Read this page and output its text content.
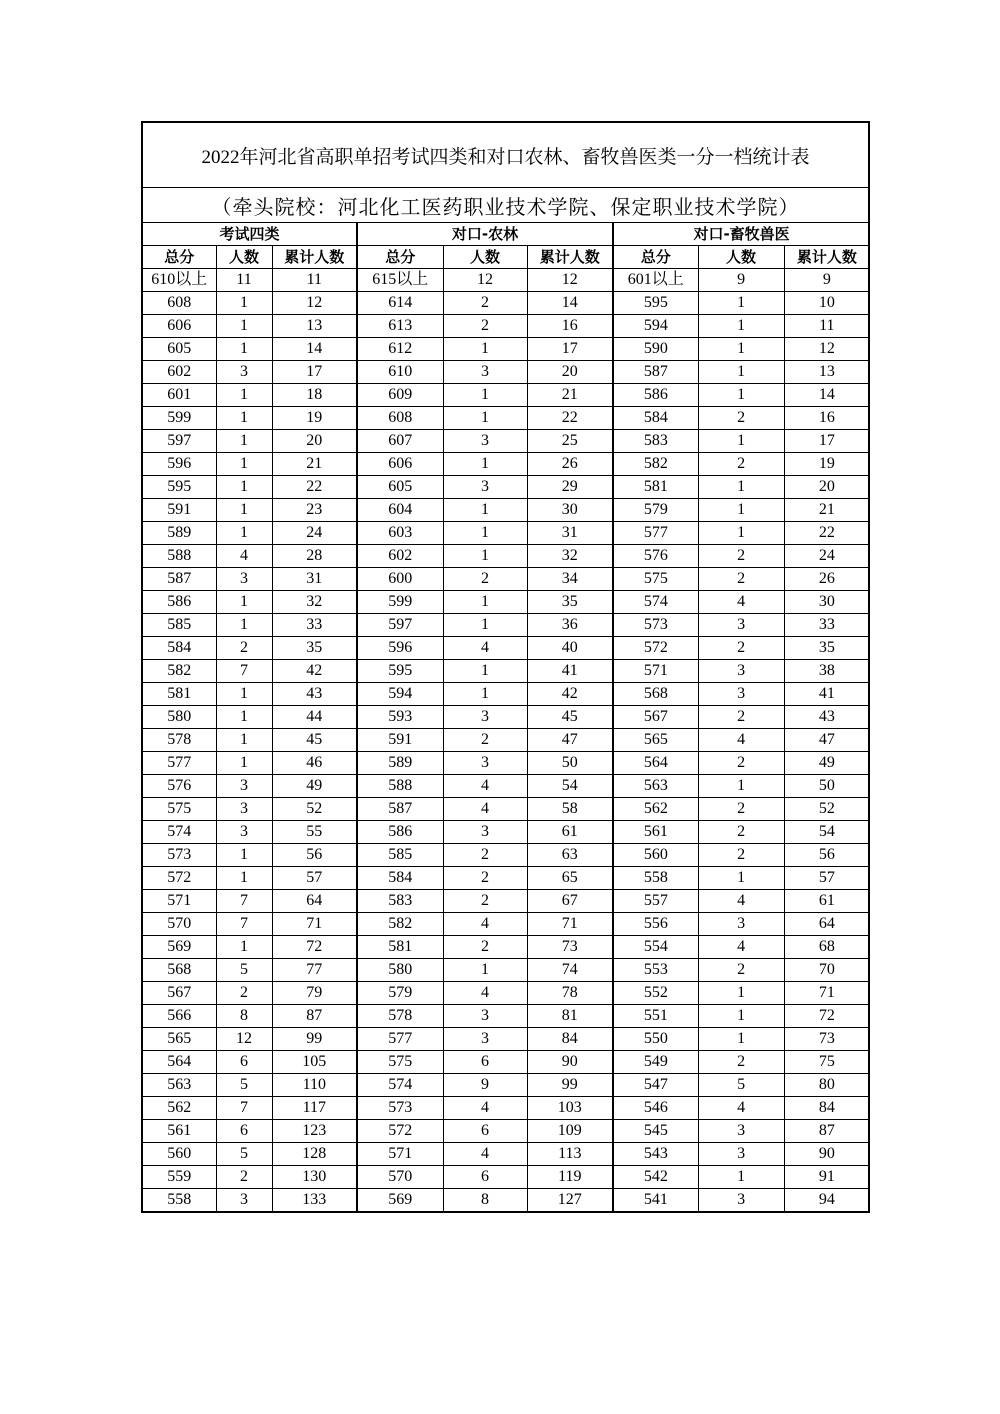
2022年河北省高职单招考试四类和对口农林、畜牧兽医类一分一档统计表
（牵头院校：河北化工医药职业技术学院、保定职业技术学院）
考试四类			对口-农林			对口-畜牧兽医		
总分	人数	累计人数	总分	人数	累计人数	总分	人数	累计人数
610以上	11	11	615以上	12	12	601以上	9	9
608	1	12	614	2	14	595	1	10
606	1	13	613	2	16	594	1	11
605	1	14	612	1	17	590	1	12
602	3	17	610	3	20	587	1	13
601	1	18	609	1	21	586	1	14
599	1	19	608	1	22	584	2	16
597	1	20	607	3	25	583	1	17
596	1	21	606	1	26	582	2	19
595	1	22	605	3	29	581	1	20
591	1	23	604	1	30	579	1	21
589	1	24	603	1	31	577	1	22
588	4	28	602	1	32	576	2	24
587	3	31	600	2	34	575	2	26
586	1	32	599	1	35	574	4	30
585	1	33	597	1	36	573	3	33
584	2	35	596	4	40	572	2	35
582	7	42	595	1	41	571	3	38
581	1	43	594	1	42	568	3	41
580	1	44	593	3	45	567	2	43
578	1	45	591	2	47	565	4	47
577	1	46	589	3	50	564	2	49
576	3	49	588	4	54	563	1	50
575	3	52	587	4	58	562	2	52
574	3	55	586	3	61	561	2	54
573	1	56	585	2	63	560	2	56
572	1	57	584	2	65	558	1	57
571	7	64	583	2	67	557	4	61
570	7	71	582	4	71	556	3	64
569	1	72	581	2	73	554	4	68
568	5	77	580	1	74	553	2	70
567	2	79	579	4	78	552	1	71
566	8	87	578	3	81	551	1	72
565	12	99	577	3	84	550	1	73
564	6	105	575	6	90	549	2	75
563	5	110	574	9	99	547	5	80
562	7	117	573	4	103	546	4	84
561	6	123	572	6	109	545	3	87
560	5	128	571	4	113	543	3	90
559	2	130	570	6	119	542	1	91
558	3	133	569	8	127	541	3	94
